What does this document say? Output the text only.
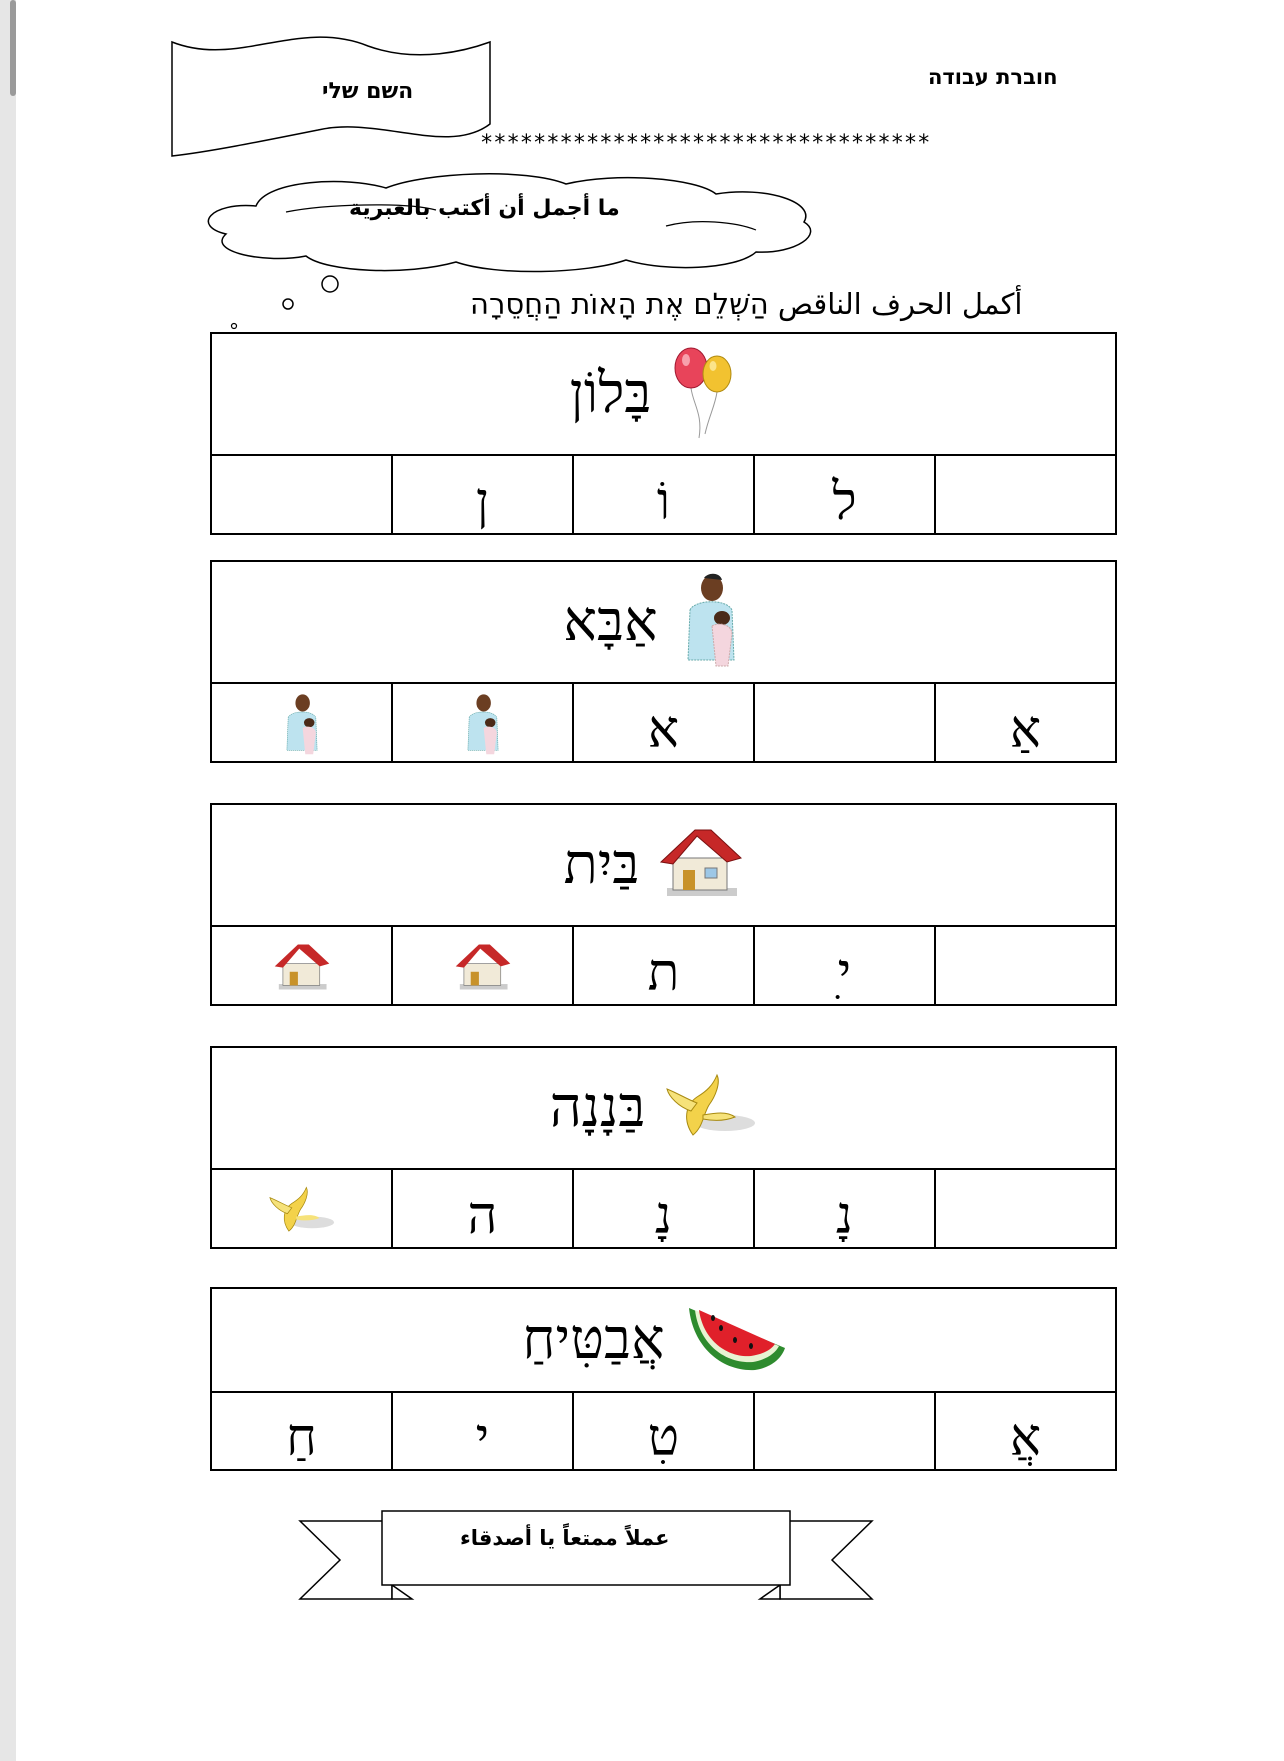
השם שלי
חוברת עבודה
**********************************
ما أجمل أن أكتب بالعبرية
أكمل الحرف الناقص הַשְׁלֵם אֶת הָאוֹת הַחֲסֵרָה
בָּלוֹן
ל
וֹ
ן
אַבָּא
אַ
א
בַּיִת
ִי
ת
בַּנָנָה
נָ
נָ
ה
אֲבַטִּיחַ
אֲ
טִ
י
חַ
عملاً ممتعاً يا أصدقاء
